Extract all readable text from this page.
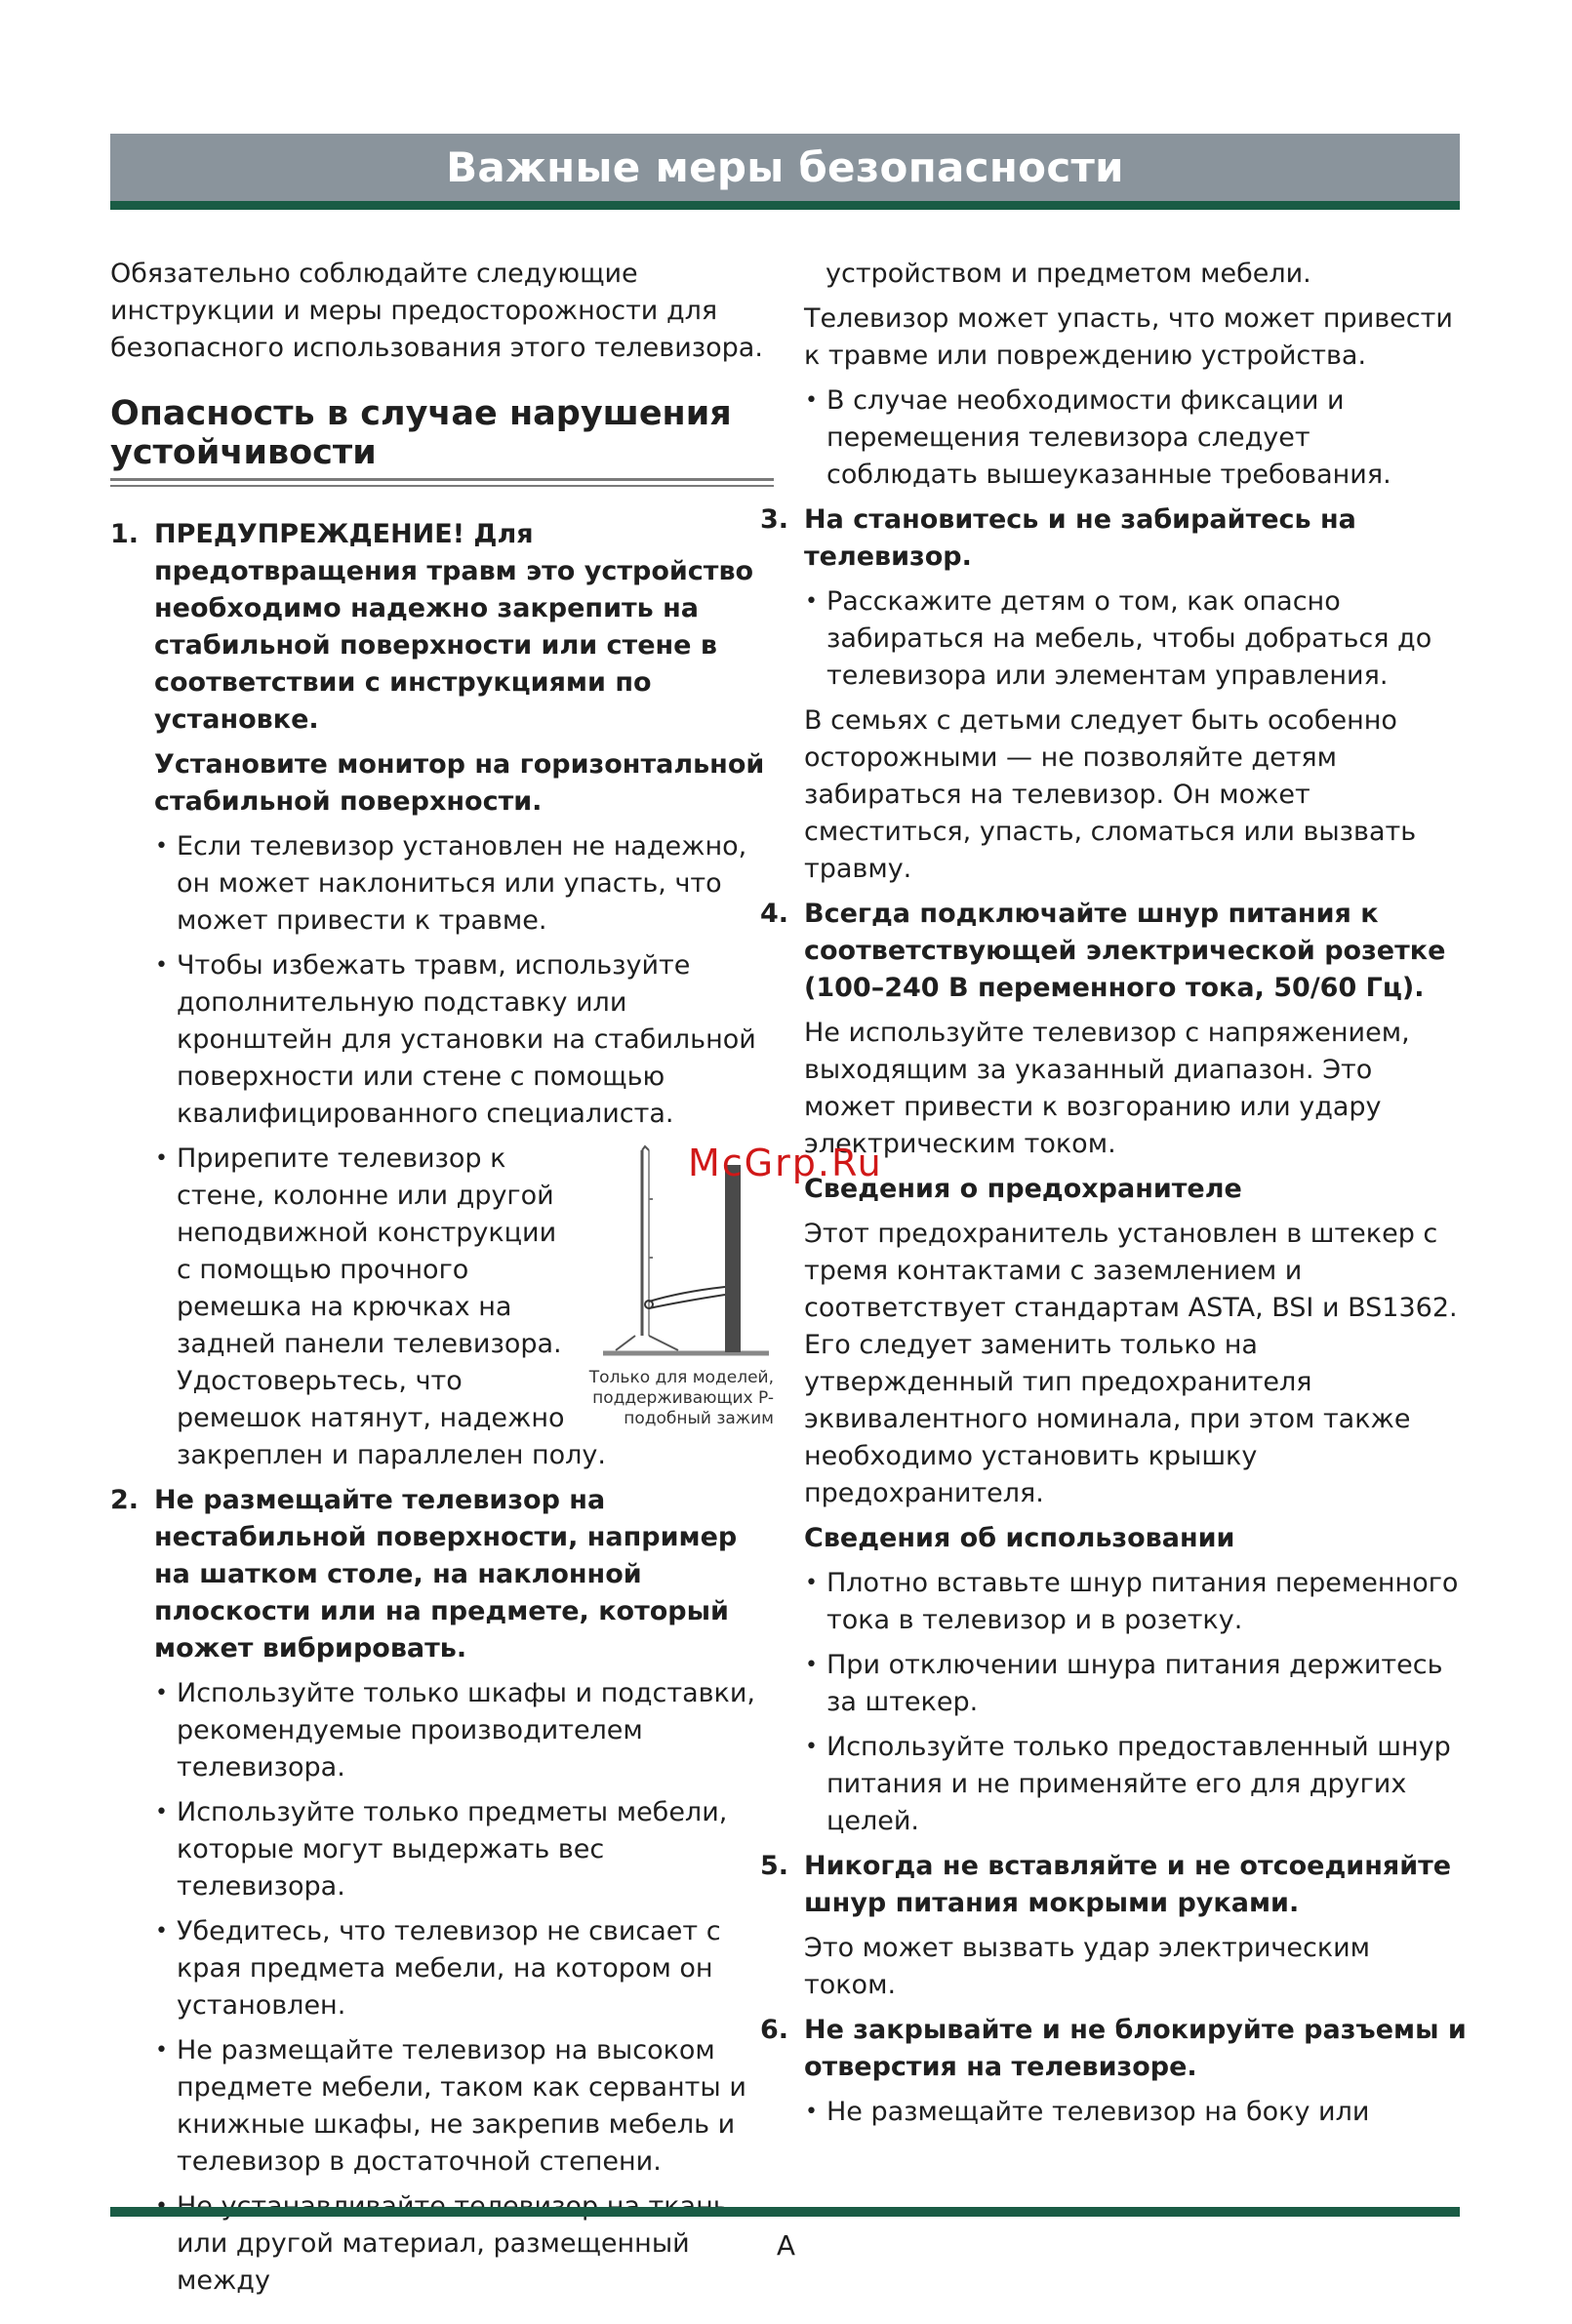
Важные меры безопасности

Обязательно соблюдайте следующие инструкции и меры предосторожности для безопасного использования этого телевизора.

Опасность в случае нарушения устойчивости
1. ПРЕДУПРЕЖДЕНИЕ! Для предотвращения травм это устройство необходимо надежно закрепить на стабильной поверхности или стене в соответствии с инструкциями по установке.

Установите монитор на горизонтальной стабильной поверхности.

• Если телевизор установлен не надежно, он может наклониться или упасть, что может привести к травме.
• Чтобы избежать травм, используйте дополнительную подставку или кронштейн для установки на стабильной поверхности или стене с помощью квалифицированного специалиста.
• Только для моделей, поддерживающих P-подобный зажим
Прирепите телевизор к стене, колонне или другой неподвижной конструкции с помощью прочного ремешка на крючках на задней панели телевизора. Удостоверьтесь, что ремешок натянут, надежно закреплен и параллелен полу.
2. Не размещайте телевизор на нестабильной поверхности, например на шатком столе, на наклонной плоскости или на предмете, который может вибрировать.
• Используйте только шкафы и подставки, рекомендуемые производителем телевизора.
• Используйте только предметы мебели, которые могут выдержать вес телевизора.
• Убедитесь, что телевизор не свисает с края предмета мебели, на котором он установлен.
• Не размещайте телевизор на высоком предмете мебели, таком как серванты и книжные шкафы, не закрепив мебель и телевизор в достаточной степени.
• или другой материал, размещенный между

устройством и предметом мебели.

Телевизор может упасть, что может привести к травме или повреждению устройства.

• В случае необходимости фиксации и перемещения телевизора следует соблюдать вышеуказанные требования.
3. На становитесь и не забирайтесь на телевизор.
• Расскажите детям о том, как опасно забираться на мебель, чтобы добраться до телевизора или элементам управления.

В семьях с детьми следует быть особенно осторожными — не позволяйте детям забираться на телевизор. Он может сместиться, упасть, сломаться или вызвать травму.

4. Всегда подключайте шнур питания к соответствующей электрической розетке (100–240 В переменного тока, 50/60 Гц).

Не используйте телевизор с напряжением, выходящим за указанный диапазон. Это может привести к возгоранию или удару электрическим током.

Сведения о предохранителе

Этот предохранитель установлен в штекер с тремя контактами с заземлением и соответствует стандартам ASTA, BSI и BS1362. Его следует заменить только на утвержденный тип предохранителя эквивалентного номинала, при этом также необходимо установить крышку предохранителя.

Сведения об использовании

• Плотно вставьте шнур питания переменного тока в телевизор и в розетку.
• При отключении шнура питания держитесь за штекер.
• Используйте только предоставленный шнур питания и не применяйте его для других целей.
5. Никогда не вставляйте и не отсоединяйте шнур питания мокрыми руками.

Это может вызвать удар электрическим током.

6. Не закрывайте и не блокируйте разъемы и отверстия на телевизоре.
• Не размещайте телевизор на боку или
McGrp.Ru
A
